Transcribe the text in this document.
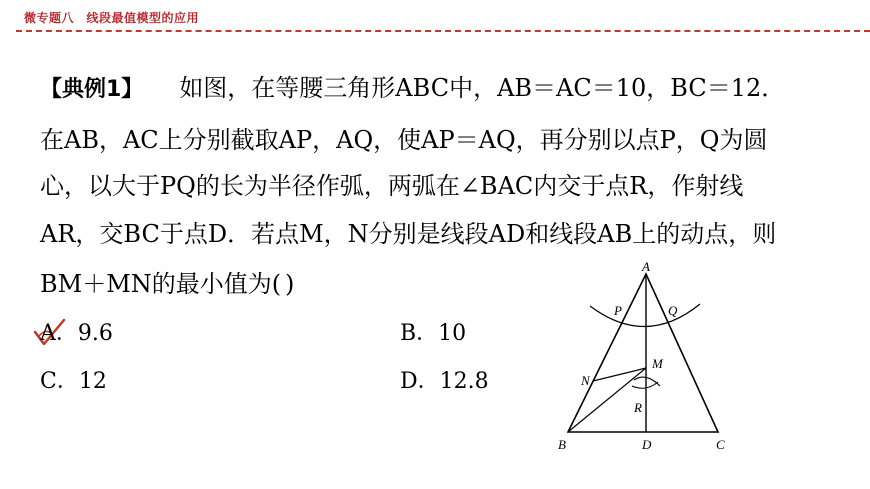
微专题八　线段最值模型的应用
【典例1】 如图，在等腰三角形ABC中，AB＝AC＝10，BC＝12．
在AB，AC上分别截取AP，AQ，使AP＝AQ，再分别以点P，Q为圆
心，以大于PQ的长为半径作弧，两弧在∠BAC内交于点R，作射线
AR，交BC于点D．若点M，N分别是线段AD和线段AB上的动点，则
BM＋MN的最小值为( )
A．9.6	B．10
C．12	D．12.8
A
P	Q
M
N
R
B	D	C
